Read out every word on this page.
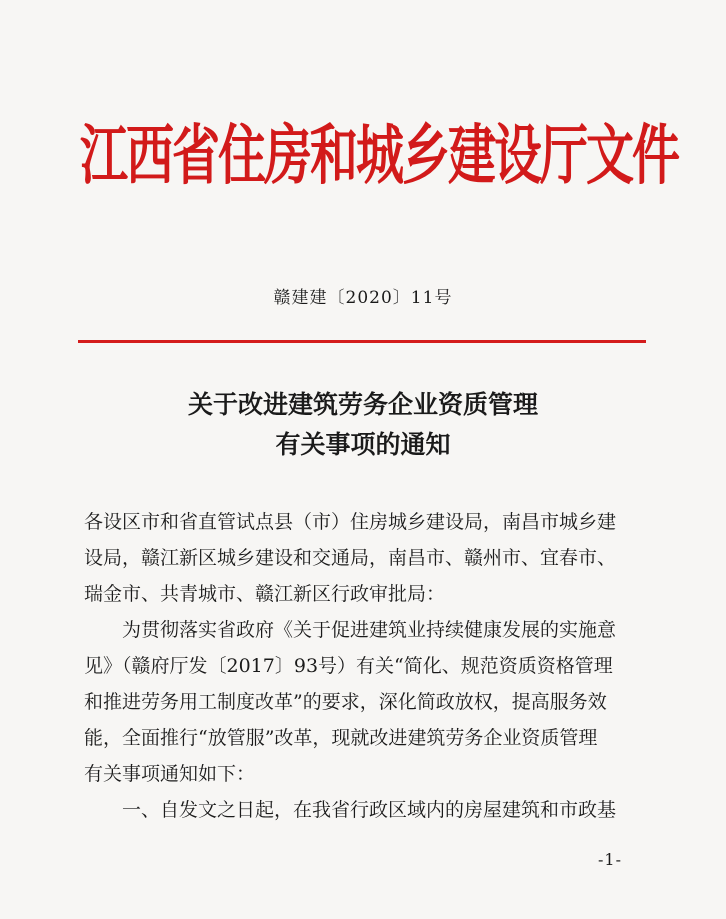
江西省住房和城乡建设厅文件
赣建建〔2020〕11号
关于改进建筑劳务企业资质管理
有关事项的通知
各设区市和省直管试点县（市）住房城乡建设局，南昌市城乡建
设局，赣江新区城乡建设和交通局，南昌市、赣州市、宜春市、
瑞金市、共青城市、赣江新区行政审批局：
为贯彻落实省政府《关于促进建筑业持续健康发展的实施意
见》（赣府厅发〔2017〕93号）有关“简化、规范资质资格管理
和推进劳务用工制度改革”的要求，深化简政放权，提高服务效
能，全面推行“放管服”改革，现就改进建筑劳务企业资质管理
有关事项通知如下：
一、自发文之日起，在我省行政区域内的房屋建筑和市政基
-1-
